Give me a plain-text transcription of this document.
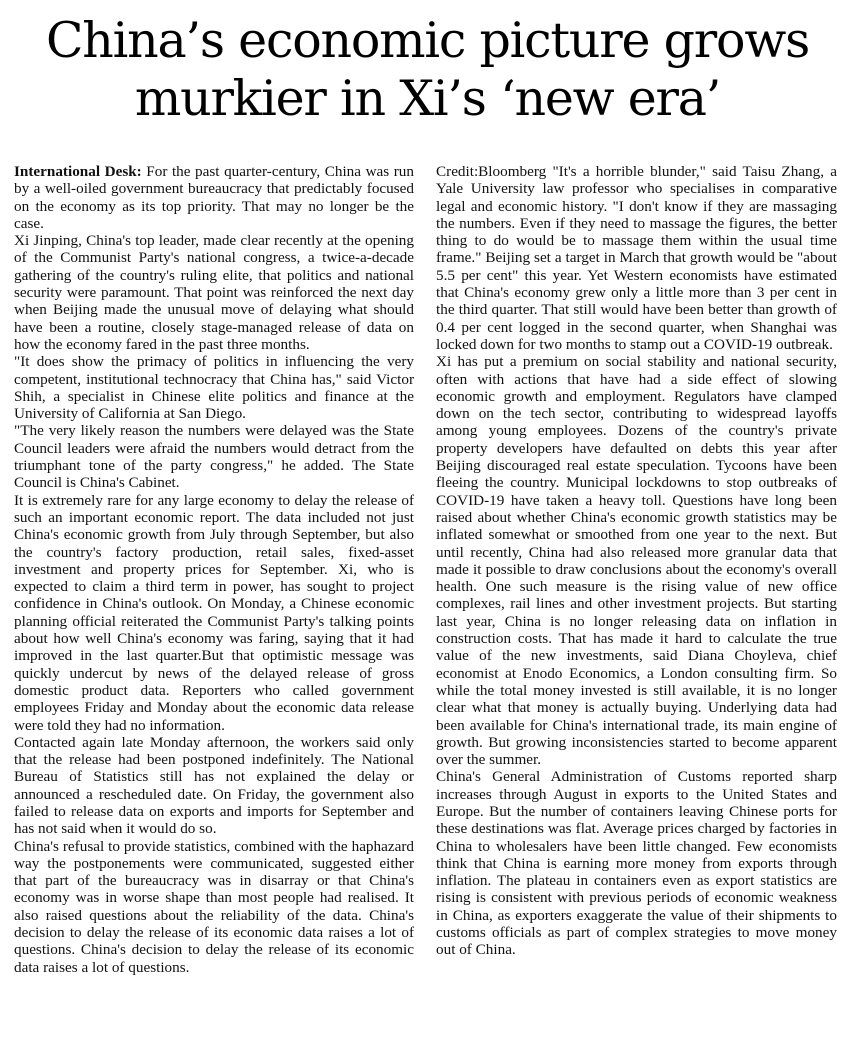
China’s economic picture grows
murkier in Xi’s ‘new era’

International Desk: For the past quarter-century, China was run by a well-oiled government bureaucracy that predictably focused on the economy as its top priority. That may no longer be the case.

Xi Jinping, China's top leader, made clear recently at the opening of the Communist Party's national congress, a twice-a-decade gathering of the country's ruling elite, that politics and national security were paramount. That point was reinforced the next day when Beijing made the unusual move of delaying what should have been a routine, closely stage-managed release of data on how the economy fared in the past three months.

"It does show the primacy of politics in influencing the very competent, institutional technocracy that China has," said Victor Shih, a specialist in Chinese elite politics and finance at the University of California at San Diego.

"The very likely reason the numbers were delayed was the State Council leaders were afraid the numbers would detract from the triumphant tone of the party congress," he added. The State Council is China's Cabinet.

It is extremely rare for any large economy to delay the release of such an important economic report. The data included not just China's economic growth from July through September, but also the country's factory production, retail sales, fixed-asset investment and property prices for September. Xi, who is expected to claim a third term in power, has sought to project confidence in China's outlook. On Monday, a Chinese economic planning official reiterated the Communist Party's talking points about how well China's economy was faring, saying that it had improved in the last quarter.But that optimistic message was quickly undercut by news of the delayed release of gross domestic product data. Reporters who called government employees Friday and Monday about the economic data release were told they had no information.

Contacted again late Monday afternoon, the workers said only that the release had been postponed indefinitely. The National Bureau of Statistics still has not explained the delay or announced a rescheduled date. On Friday, the government also failed to release data on exports and imports for September and has not said when it would do so.

China's refusal to provide statistics, combined with the haphazard way the postponements were communicated, suggested either that part of the bureaucracy was in disarray or that China's economy was in worse shape than most people had realised. It also raised questions about the reliability of the data. China's decision to delay the release of its economic data raises a lot of questions. China's decision to delay the release of its economic data raises a lot of questions.

Credit:Bloomberg "It's a horrible blunder," said Taisu Zhang, a Yale University law professor who specialises in comparative legal and economic history. "I don't know if they are massaging the numbers. Even if they need to massage the figures, the better thing to do would be to massage them within the usual time frame." Beijing set a target in March that growth would be "about 5.5 per cent" this year. Yet Western economists have estimated that China's economy grew only a little more than 3 per cent in the third quarter. That still would have been better than growth of 0.4 per cent logged in the second quarter, when Shanghai was locked down for two months to stamp out a COVID-19 outbreak.

Xi has put a premium on social stability and national security, often with actions that have had a side effect of slowing economic growth and employment. Regulators have clamped down on the tech sector, contributing to widespread layoffs among young employees. Dozens of the country's private property developers have defaulted on debts this year after Beijing discouraged real estate speculation. Tycoons have been fleeing the country. Municipal lockdowns to stop outbreaks of COVID-19 have taken a heavy toll. Questions have long been raised about whether China's economic growth statistics may be inflated somewhat or smoothed from one year to the next. But until recently, China had also released more granular data that made it possible to draw conclusions about the economy's overall health. One such measure is the rising value of new office complexes, rail lines and other investment projects. But starting last year, China is no longer releasing data on inflation in construction costs. That has made it hard to calculate the true value of the new investments, said Diana Choyleva, chief economist at Enodo Economics, a London consulting firm. So while the total money invested is still available, it is no longer clear what that money is actually buying. Underlying data had been available for China's international trade, its main engine of growth. But growing inconsistencies started to become apparent over the summer.

China's General Administration of Customs reported sharp increases through August in exports to the United States and Europe. But the number of containers leaving Chinese ports for these destinations was flat. Average prices charged by factories in China to wholesalers have been little changed. Few economists think that China is earning more money from exports through inflation. The plateau in containers even as export statistics are rising is consistent with previous periods of economic weakness in China, as exporters exaggerate the value of their shipments to customs officials as part of complex strategies to move money out of China.
